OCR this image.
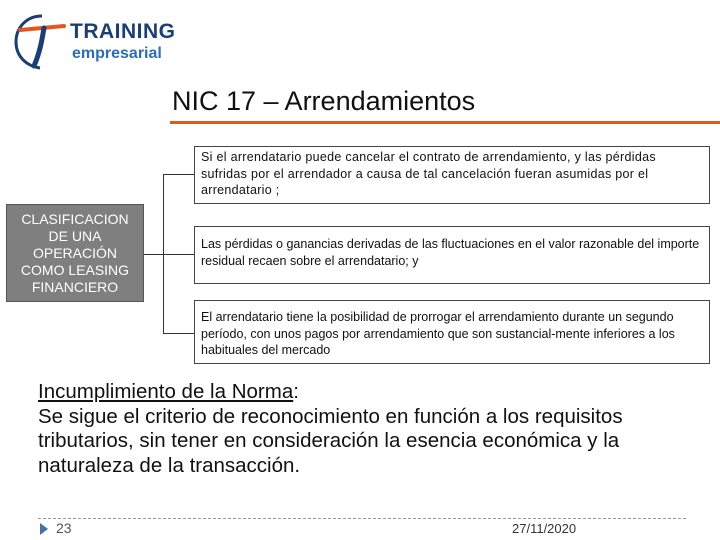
TRAINING
empresarial
NIC 17 – Arrendamientos
CLASIFICACION DE UNA OPERACIÓN COMO LEASING FINANCIERO
Si el arrendatario puede cancelar el contrato de arrendamiento, y las pérdidas sufridas por el arrendador a causa de tal cancelación fueran asumidas por el arrendatario ;
Las pérdidas o ganancias derivadas de las fluctuaciones en el valor razonable del importe residual recaen sobre el arrendatario; y
El arrendatario tiene la posibilidad de prorrogar el arrendamiento durante un segundo período, con unos pagos por arrendamiento que son sustancial-mente inferiores a los habituales del mercado
Incumplimiento de la Norma:
Se sigue el criterio de reconocimiento en función a los requisitos tributarios, sin tener en consideración la esencia económica y la naturaleza de la transacción.
23	27/11/2020
